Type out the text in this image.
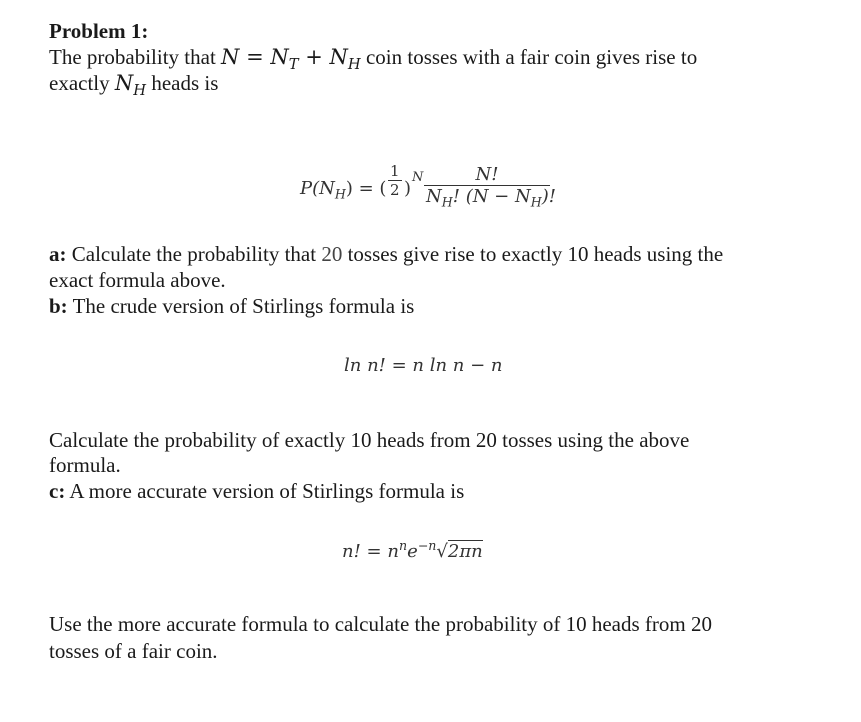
Problem 1:
The probability that $N = N_T + N_H$ coin tosses with a fair coin gives rise to
exactly $N_H$ heads is
$P(N_H)$ = ( $\frac{1}{2}$ )
N $\frac{N!}{N_H! (N - N_H)!}$
a: Calculate the probability that 20 tosses give rise to exactly 10 heads using the
exact formula above.
b: The crude version of Stirlings formula is
ln n! = n ln n − n
Calculate the probability of exactly 10 heads from 20 tosses using the above
formula.
c: A more accurate version of Stirlings formula is
n! = $n^ne^{-n}√2\pi n$
Use the more accurate formula to calculate the probability of 10 heads from 20
tosses of a fair coin.
